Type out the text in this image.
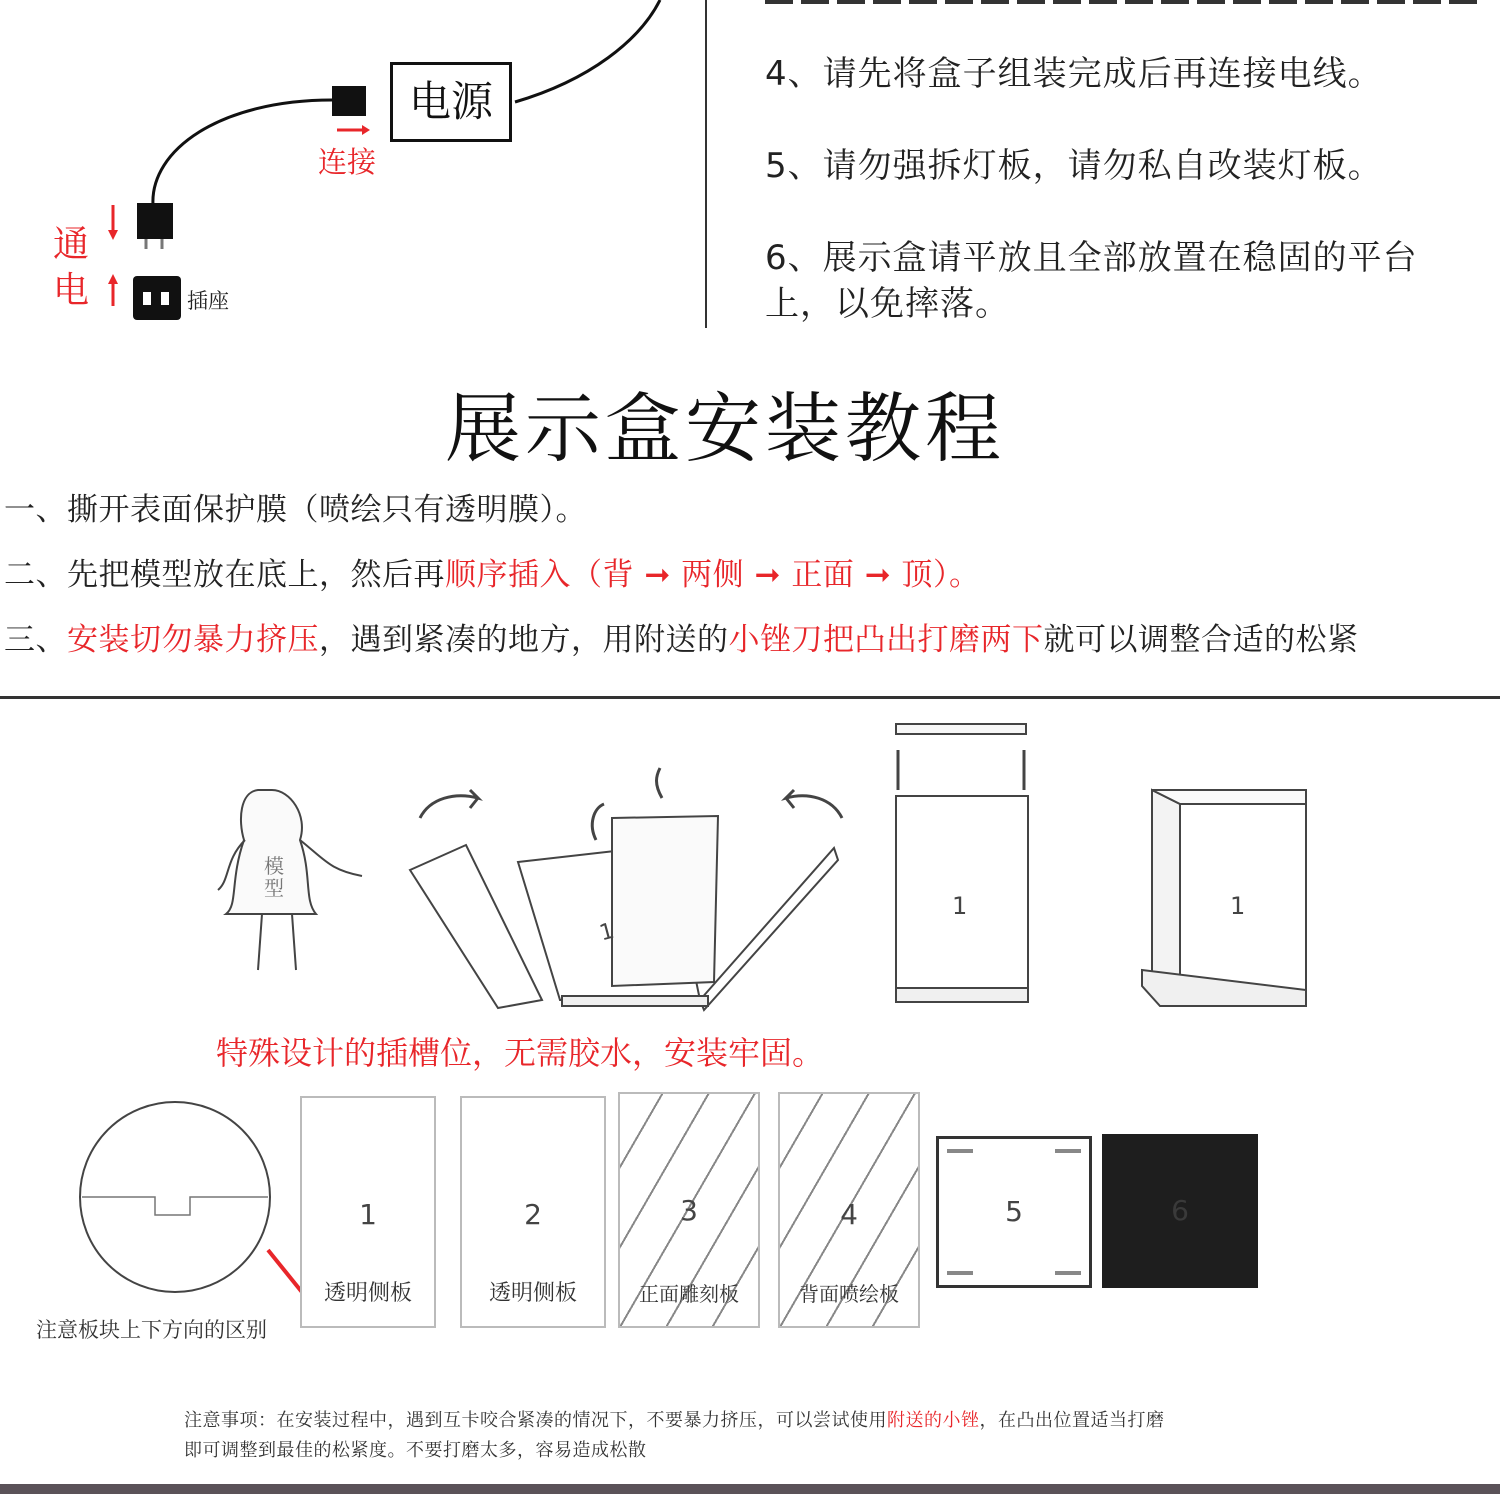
电源
连接
通
电	插座
4、请先将盒子组装完成后再连接电线。
5、请勿强拆灯板，请勿私自改装灯板。
6、展示盒请平放且全部放置在稳固的平台
上，以免摔落。
展示盒安装教程
一、撕开表面保护膜（喷绘只有透明膜）。
二、先把模型放在底上，然后再顺序插入（背 ➞ 两侧 ➞ 正面 ➞ 顶）。
三、安装切勿暴力挤压，遇到紧凑的地方，用附送的小锉刀把凸出打磨两下就可以调整合适的松紧
模型
1
1	1
特殊设计的插槽位，无需胶水，安装牢固。
注意板块上下方向的区别
1
透明侧板
2
透明侧板
3
正面雕刻板
4
背面喷绘板
5	6
注意事项：在安装过程中，遇到互卡咬合紧凑的情况下，不要暴力挤压，可以尝试使用附送的小锉，在凸出位置适当打磨
即可调整到最佳的松紧度。不要打磨太多，容易造成松散
